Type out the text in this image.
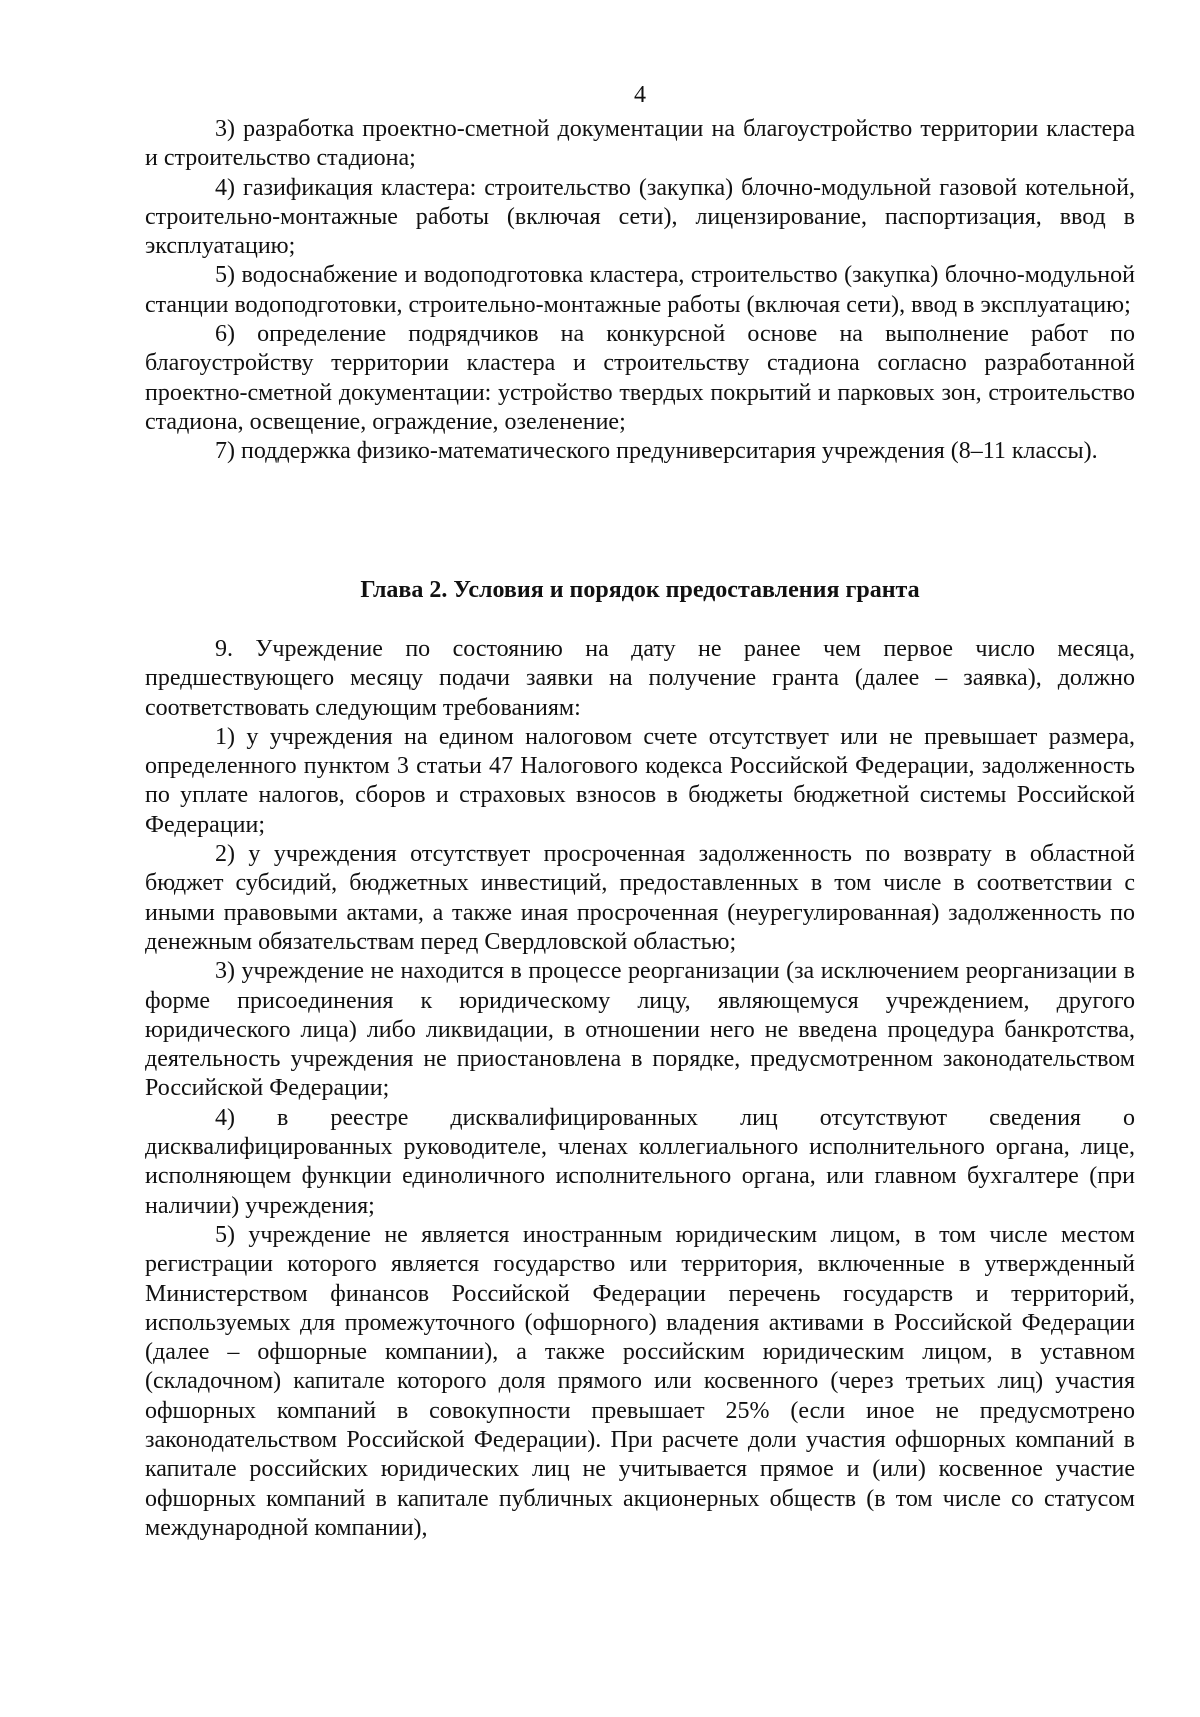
4

3) разработка проектно-сметной документации на благоустройство территории кластера и строительство стадиона;

4) газификация кластера: строительство (закупка) блочно-модульной газовой котельной, строительно-монтажные работы (включая сети), лицензирование, паспортизация, ввод в эксплуатацию;

5) водоснабжение и водоподготовка кластера, строительство (закупка) блочно-модульной станции водоподготовки, строительно-монтажные работы (включая сети), ввод в эксплуатацию;

6) определение подрядчиков на конкурсной основе на выполнение работ по благоустройству территории кластера и строительству стадиона согласно разработанной проектно-сметной документации: устройство твердых покрытий и парковых зон, строительство стадиона, освещение, ограждение, озеленение;

7) поддержка физико-математического предуниверситария учреждения (8–11 классы).

Глава 2. Условия и порядок предоставления гранта

9. Учреждение по состоянию на дату не ранее чем первое число месяца, предшествующего месяцу подачи заявки на получение гранта (далее – заявка), должно соответствовать следующим требованиям:

1) у учреждения на едином налоговом счете отсутствует или не превышает размера, определенного пунктом 3 статьи 47 Налогового кодекса Российской Федерации, задолженность по уплате налогов, сборов и страховых взносов в бюджеты бюджетной системы Российской Федерации;

2) у учреждения отсутствует просроченная задолженность по возврату в областной бюджет субсидий, бюджетных инвестиций, предоставленных в том числе в соответствии с иными правовыми актами, а также иная просроченная (неурегулированная) задолженность по денежным обязательствам перед Свердловской областью;

3) учреждение не находится в процессе реорганизации (за исключением реорганизации в форме присоединения к юридическому лицу, являющемуся учреждением, другого юридического лица) либо ликвидации, в отношении него не введена процедура банкротства, деятельность учреждения не приостановлена в порядке, предусмотренном законодательством Российской Федерации;

4) в реестре дисквалифицированных лиц отсутствуют сведения о дисквалифицированных руководителе, членах коллегиального исполнительного органа, лице, исполняющем функции единоличного исполнительного органа, или главном бухгалтере (при наличии) учреждения;

5) учреждение не является иностранным юридическим лицом, в том числе местом регистрации которого является государство или территория, включенные в утвержденный Министерством финансов Российской Федерации перечень государств и территорий, используемых для промежуточного (офшорного) владения активами в Российской Федерации (далее – офшорные компании), а также российским юридическим лицом, в уставном (складочном) капитале которого доля прямого или косвенного (через третьих лиц) участия офшорных компаний в совокупности превышает 25% (если иное не предусмотрено законодательством Российской Федерации). При расчете доли участия офшорных компаний в капитале российских юридических лиц не учитывается прямое и (или) косвенное участие офшорных компаний в капитале публичных акционерных обществ (в том числе со статусом международной компании),
